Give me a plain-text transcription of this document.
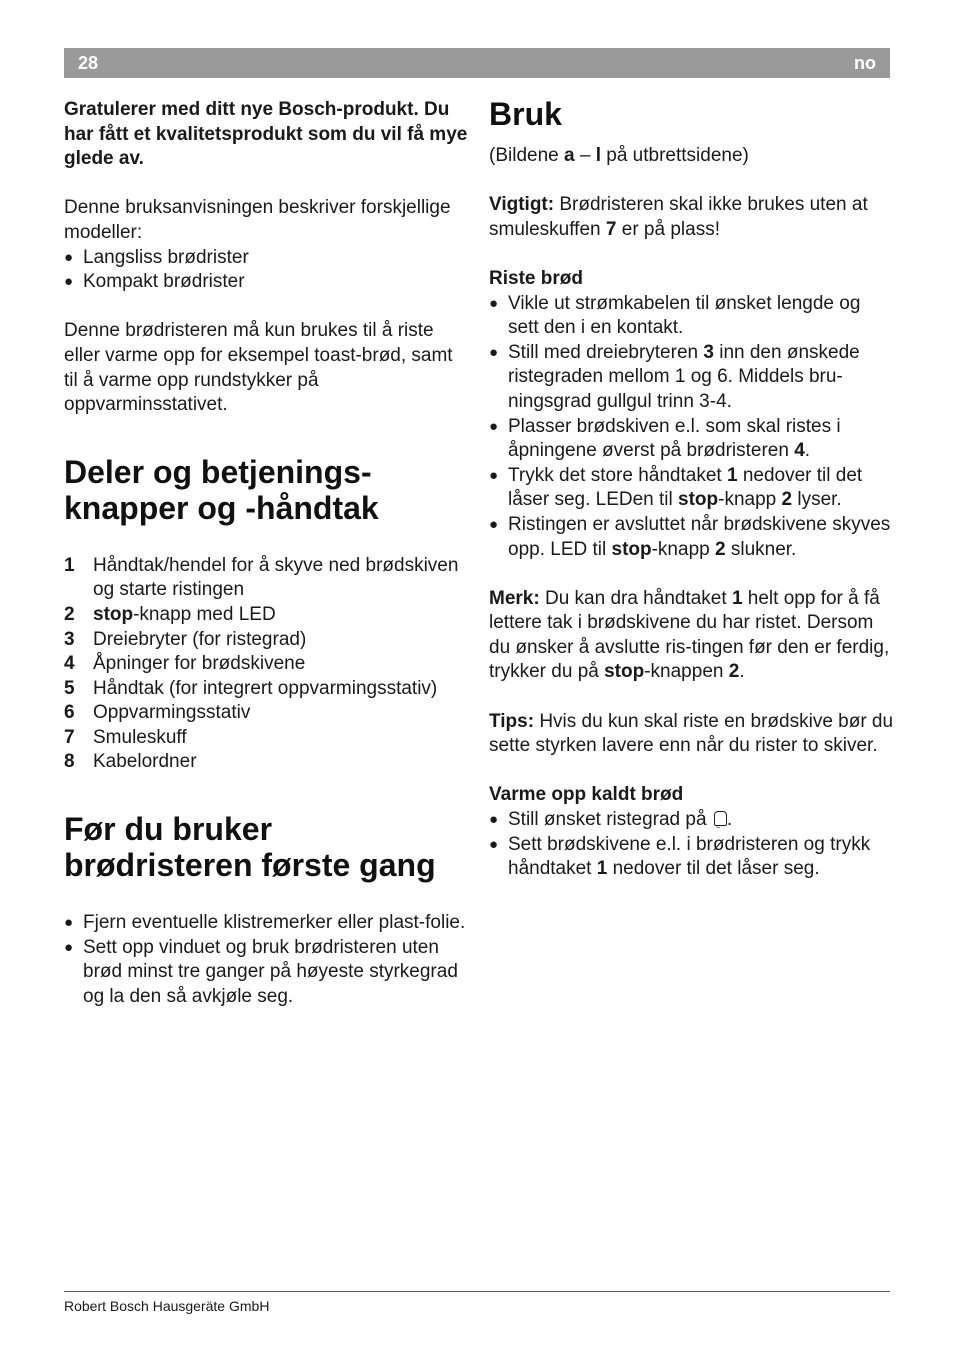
28	no

Gratulerer med ditt nye Bosch-produkt. Du har fått et kvalitetsprodukt som du vil få mye glede av.

Denne bruksanvisningen beskriver forskjellige modeller:

● Langsliss brødrister
● Kompakt brødrister

Denne brødristeren må kun brukes til å riste eller varme opp for eksempel toast-brød, samt til å varme opp rundstykker på oppvarminsstativet.

Deler og betjenings-knapper og -håndtak
1 Håndtak/hendel for å skyve ned brødskiven og starte ristingen
2 stop-knapp med LED
3 Dreiebryter (for ristegrad)
4 Åpninger for brødskivene
5 Håndtak (for integrert oppvarmingsstativ)
6 Oppvarmingsstativ
7 Smuleskuff
8 Kabelordner
Før du bruker brødristeren første gang
● Fjern eventuelle klistremerker eller plast-folie.
● Sett opp vinduet og bruk brødristeren uten brød minst tre ganger på høyeste styrkegrad og la den så avkjøle seg.
Bruk

(Bildene a – l på utbrettsidene)

Vigtigt: Brødristeren skal ikke brukes uten at smuleskuffen 7 er på plass!

Riste brød
● Vikle ut strømkabelen til ønsket lengde og sett den i en kontakt.
● Still med dreiebryteren 3 inn den ønskede ristegraden mellom 1 og 6. Middels bru-ningsgrad gullgul trinn 3-4.
● Plasser brødskiven e.l. som skal ristes i åpningene øverst på brødristeren 4.
● Trykk det store håndtaket 1 nedover til det låser seg. LEDen til stop-knapp 2 lyser.
● Ristingen er avsluttet når brødskivene skyves opp. LED til stop-knapp 2 slukner.

Merk: Du kan dra håndtaket 1 helt opp for å få lettere tak i brødskivene du har ristet. Dersom du ønsker å avslutte ris-tingen før den er ferdig, trykker du på stop-knappen 2.

Tips: Hvis du kun skal riste en brødskive bør du sette styrken lavere enn når du rister to skiver.

Varme opp kaldt brød
● Still ønsket ristegrad på ≈.
● Sett brødskivene e.l. i brødristeren og trykk håndtaket 1 nedover til det låser seg.
Robert Bosch Hausgeräte GmbH
